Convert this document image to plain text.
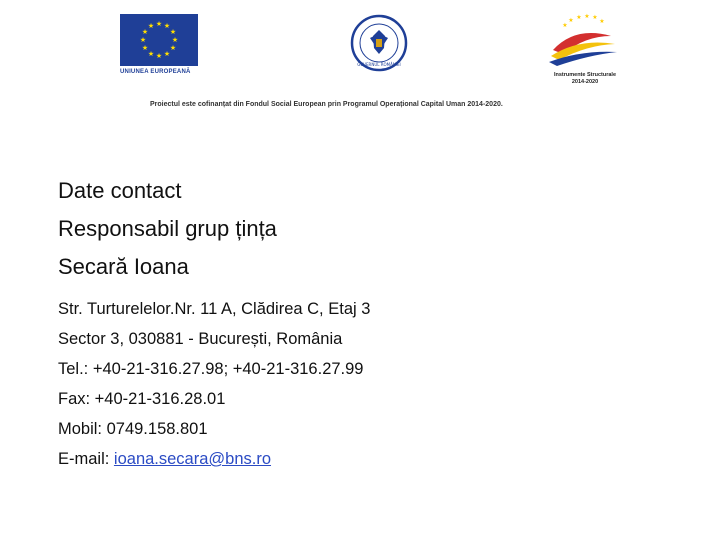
★ ★
★
★
★
★
★
★
★
★
★
★
UNIUNEA EUROPEANĂ
GUVERNUL ROMÂNIEI
★ ★ ★ ★
★
★
Instrumente Structurale
2014-2020
Proiectul este cofinanțat din Fondul Social European prin Programul Operațional Capital Uman 2014-2020.

Date contact

Responsabil grup țința

Secară Ioana

Str. Turturelelor.Nr. 11 A, Clădirea C, Etaj 3

Sector 3, 030881 - București, România

Tel.: +40-21-316.27.98; +40-21-316.27.99

Fax: +40-21-316.28.01

Mobil: 0749.158.801

E-mail: ioana.secara@bns.ro
